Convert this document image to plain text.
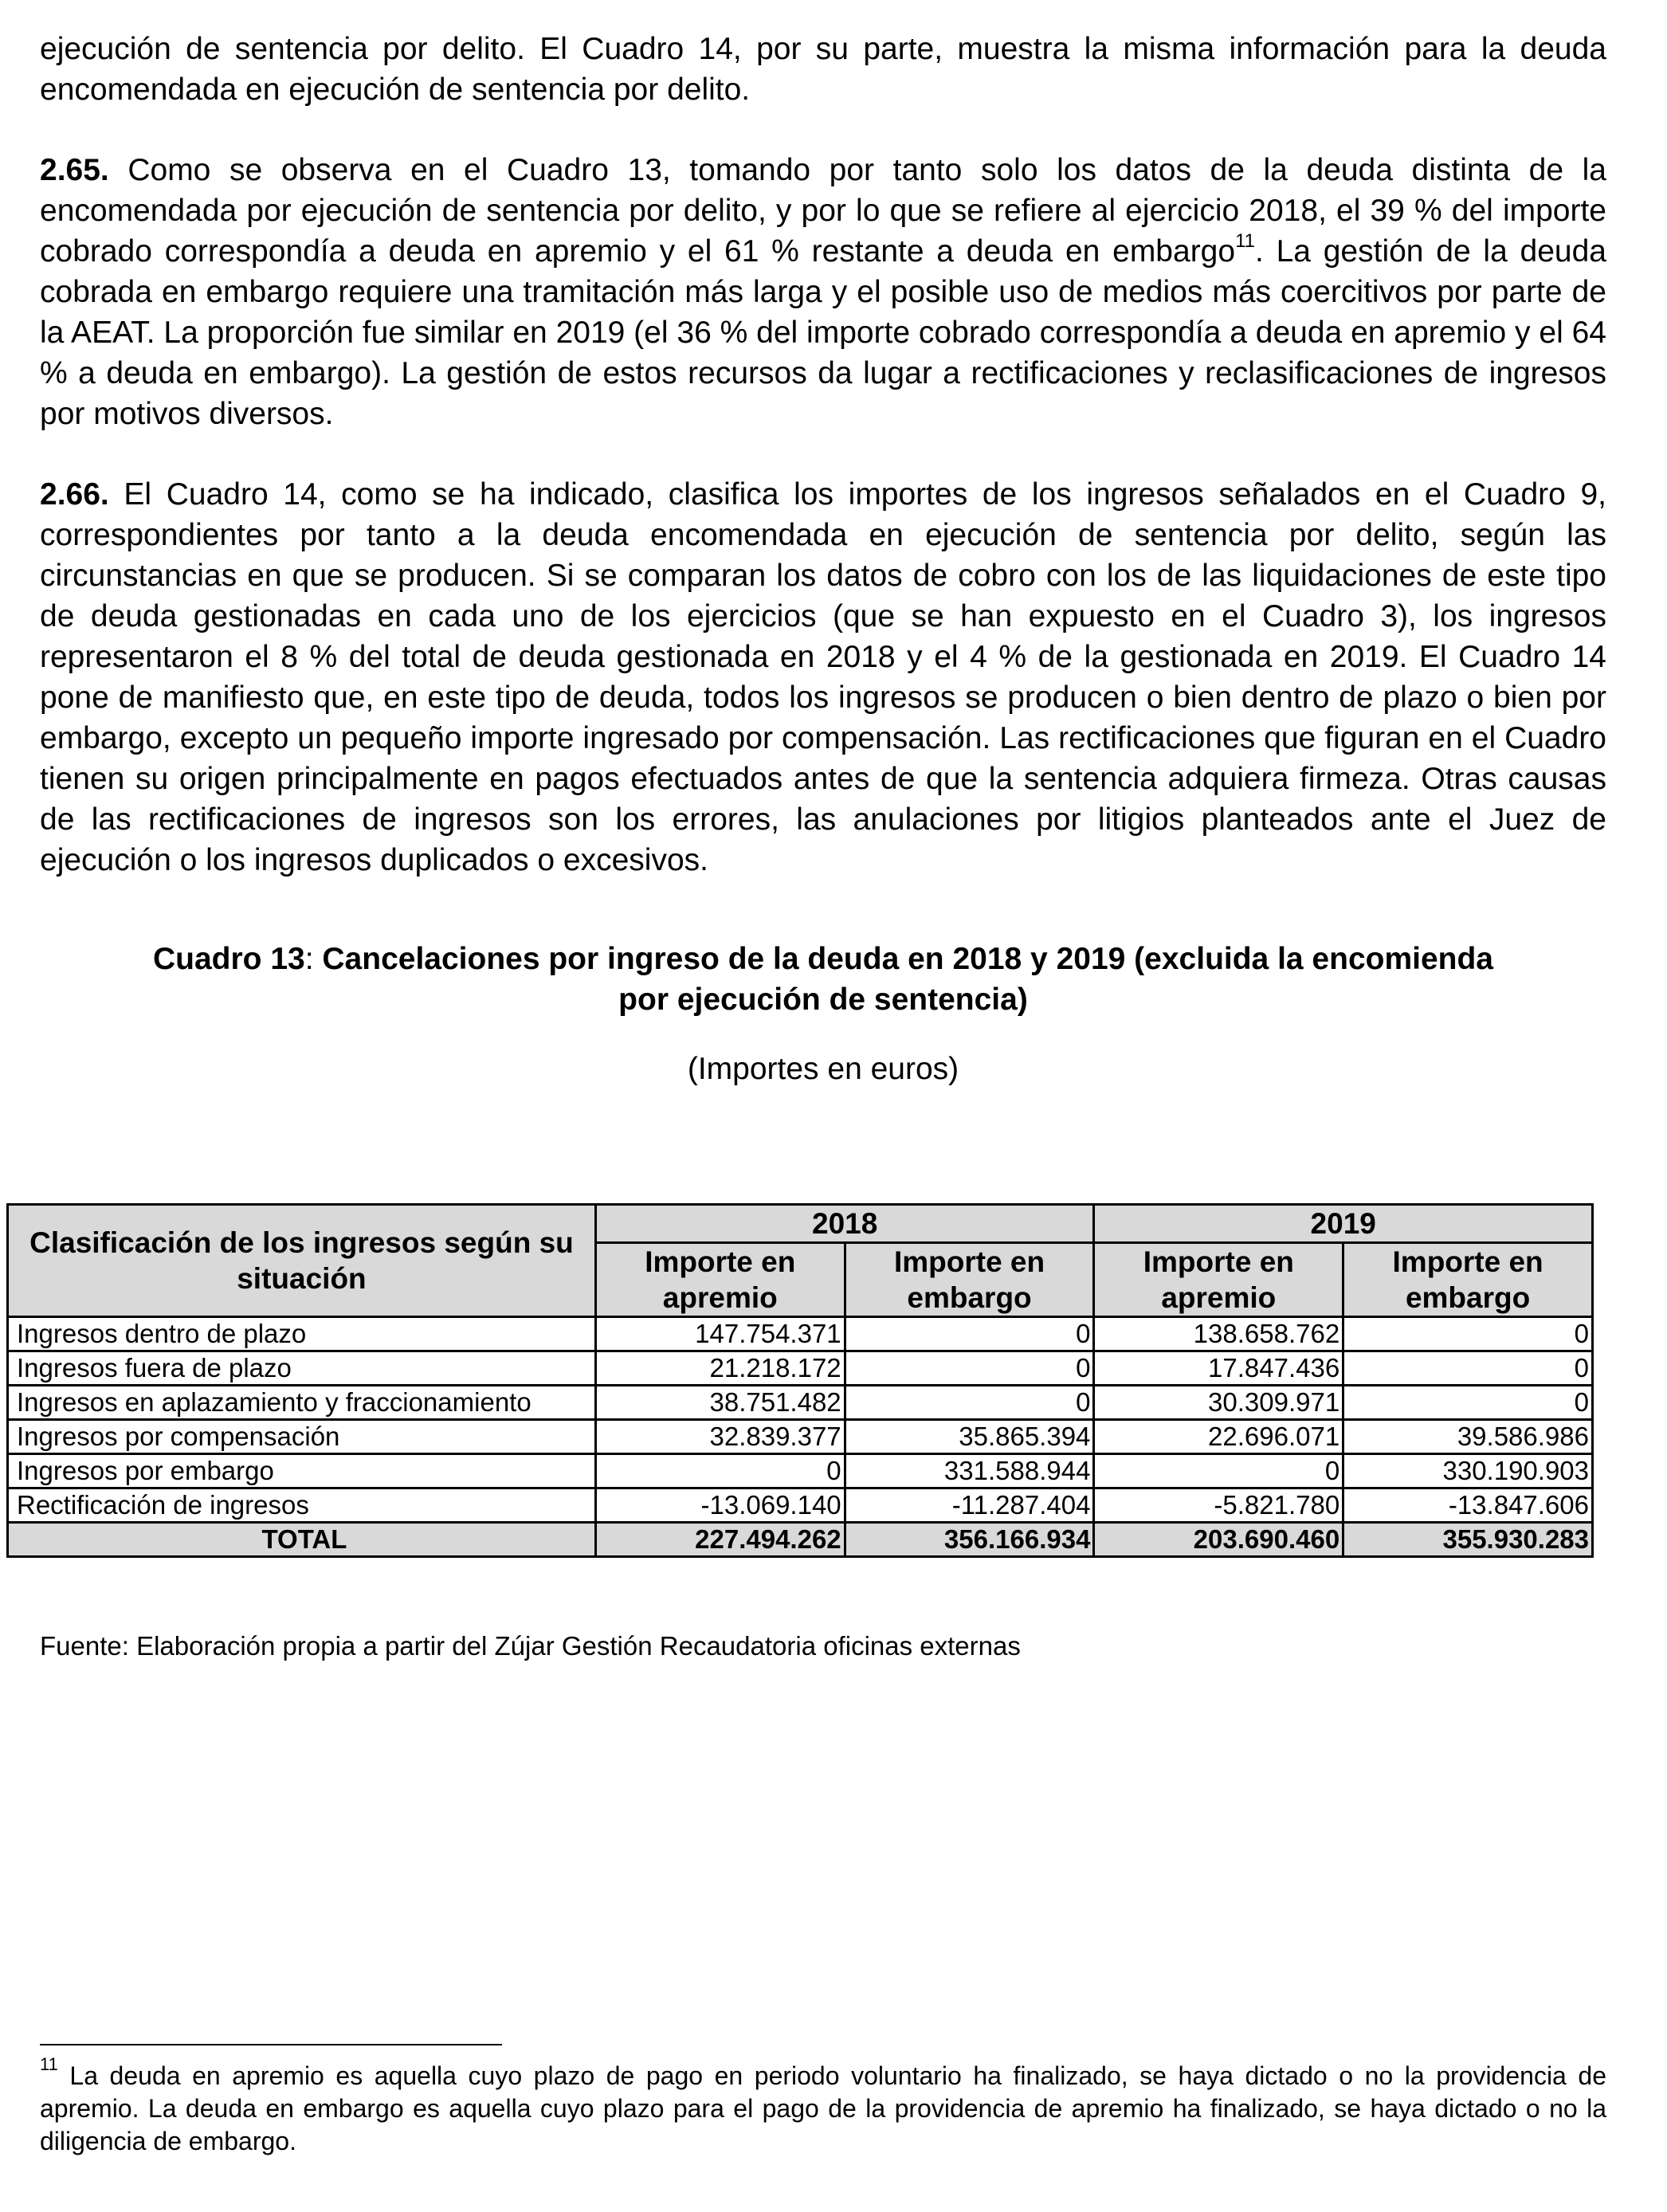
ejecución de sentencia por delito. El Cuadro 14, por su parte, muestra la misma información para la deuda encomendada en ejecución de sentencia por delito.

2.65. Como se observa en el Cuadro 13, tomando por tanto solo los datos de la deuda distinta de la encomendada por ejecución de sentencia por delito, y por lo que se refiere al ejercicio 2018, el 39 % del importe cobrado correspondía a deuda en apremio y el 61 % restante a deuda en embargo$^{11}$. La gestión de la deuda cobrada en embargo requiere una tramitación más larga y el posible uso de medios más coercitivos por parte de la AEAT. La proporción fue similar en 2019 (el 36 % del importe cobrado correspondía a deuda en apremio y el 64 % a deuda en embargo). La gestión de estos recursos da lugar a rectificaciones y reclasificaciones de ingresos por motivos diversos.

2.66. El Cuadro 14, como se ha indicado, clasifica los importes de los ingresos señalados en el Cuadro 9, correspondientes por tanto a la deuda encomendada en ejecución de sentencia por delito, según las circunstancias en que se producen. Si se comparan los datos de cobro con los de las liquidaciones de este tipo de deuda gestionadas en cada uno de los ejercicios (que se han expuesto en el Cuadro 3), los ingresos representaron el 8 % del total de deuda gestionada en 2018 y el 4 % de la gestionada en 2019. El Cuadro 14 pone de manifiesto que, en este tipo de deuda, todos los ingresos se producen o bien dentro de plazo o bien por embargo, excepto un pequeño importe ingresado por compensación. Las rectificaciones que figuran en el Cuadro tienen su origen principalmente en pagos efectuados antes de que la sentencia adquiera firmeza. Otras causas de las rectificaciones de ingresos son los errores, las anulaciones por litigios planteados ante el Juez de ejecución o los ingresos duplicados o excesivos.

Cuadro 13: Cancelaciones por ingreso de la deuda en 2018 y 2019 (excluida la encomienda
por ejecución de sentencia)
(Importes en euros)
Clasificación de los ingresos según su situación	2018		2019	
	Importe en apremio	Importe en embargo	Importe en apremio	Importe en embargo
Ingresos dentro de plazo	147.754.371	0	138.658.762	0
Ingresos fuera de plazo	21.218.172	0	17.847.436	0
Ingresos en aplazamiento y fraccionamiento	38.751.482	0	30.309.971	0
Ingresos por compensación	32.839.377	35.865.394	22.696.071	39.586.986
Ingresos por embargo	0	331.588.944	0	330.190.903
Rectificación de ingresos	-13.069.140	-11.287.404	-5.821.780	-13.847.606
TOTAL	227.494.262	356.166.934	203.690.460	355.930.283
Fuente: Elaboración propia a partir del Zújar Gestión Recaudatoria oficinas externas
$^{11}$ La deuda en apremio es aquella cuyo plazo de pago en periodo voluntario ha finalizado, se haya dictado o no la providencia de apremio. La deuda en embargo es aquella cuyo plazo para el pago de la providencia de apremio ha finalizado, se haya dictado o no la diligencia de embargo.
